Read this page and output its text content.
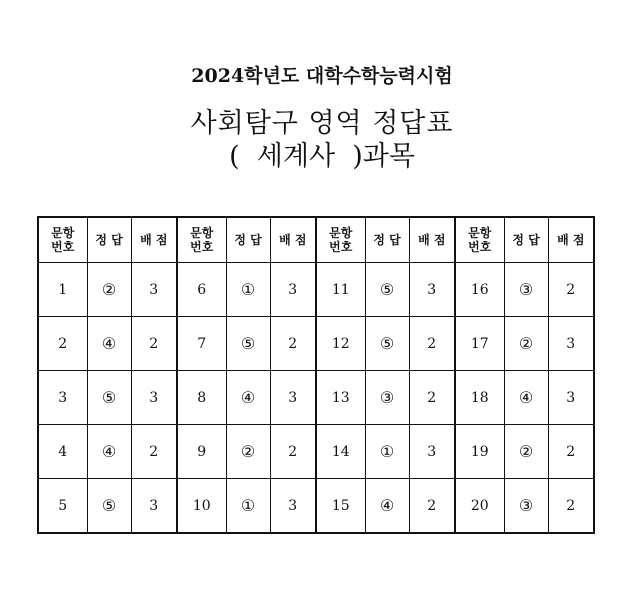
2024학년도 대학수학능력시험
사회탐구 영역 정답표
(  세계사  )과목
문항 번호	정 답	배 점	문항 번호	정 답	배 점	문항 번호	정 답	배 점	문항 번호	정 답	배 점
1	②	3	6	①	3	11	⑤	3	16	③	2
2	④	2	7	⑤	2	12	⑤	2	17	②	3
3	⑤	3	8	④	3	13	③	2	18	④	3
4	④	2	9	②	2	14	①	3	19	②	2
5	⑤	3	10	①	3	15	④	2	20	③	2
